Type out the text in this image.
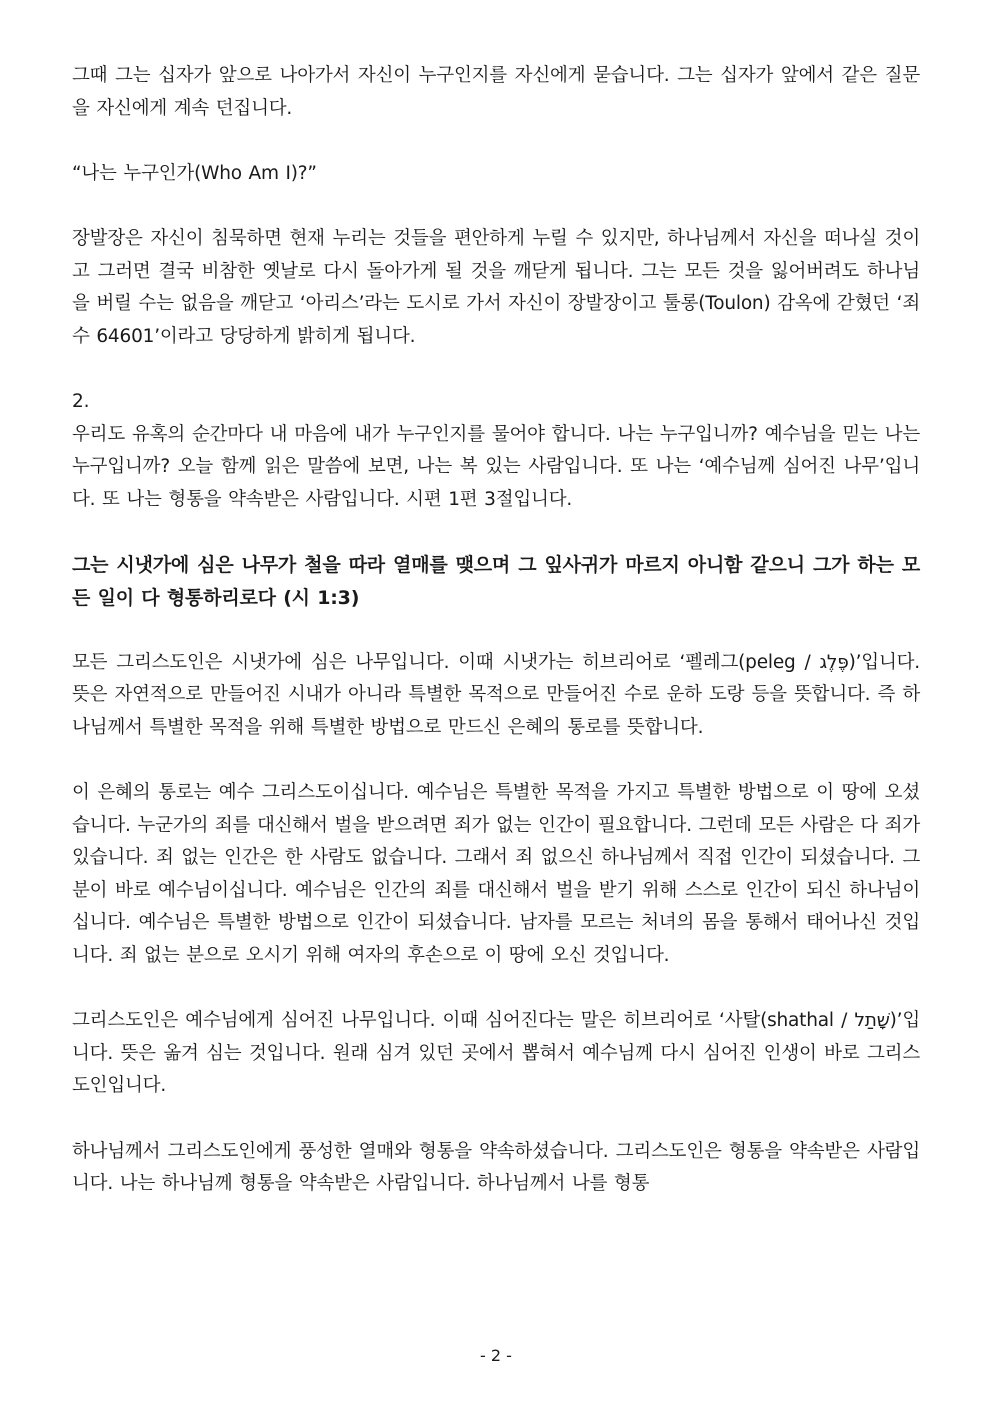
그때 그는 십자가 앞으로 나아가서 자신이 누구인지를 자신에게 묻습니다. 그는 십자가 앞에서 같은 질문을 자신에게 계속 던집니다.

“나는 누구인가(Who Am I)?”

장발장은 자신이 침묵하면 현재 누리는 것들을 편안하게 누릴 수 있지만, 하나님께서 자신을 떠나실 것이고 그러면 결국 비참한 옛날로 다시 돌아가게 될 것을 깨닫게 됩니다. 그는 모든 것을 잃어버려도 하나님을 버릴 수는 없음을 깨닫고 ‘아리스’라는 도시로 가서 자신이 장발장이고 툴롱(Toulon) 감옥에 갇혔던 ‘죄수 64601’이라고 당당하게 밝히게 됩니다.

2.

우리도 유혹의 순간마다 내 마음에 내가 누구인지를 물어야 합니다. 나는 누구입니까? 예수님을 믿는 나는 누구입니까? 오늘 함께 읽은 말씀에 보면, 나는 복 있는 사람입니다. 또 나는 ‘예수님께 심어진 나무’입니다. 또 나는 형통을 약속받은 사람입니다. 시편 1편 3절입니다.

그는 시냇가에 심은 나무가 철을 따라 열매를 맺으며 그 잎사귀가 마르지 아니함 같으니 그가 하는 모든 일이 다 형통하리로다 (시 1:3)

모든 그리스도인은 시냇가에 심은 나무입니다. 이때 시냇가는 히브리어로 ‘펠레그(peleg / פֶּלֶג)’입니다. 뜻은 자연적으로 만들어진 시내가 아니라 특별한 목적으로 만들어진 수로 운하 도랑 등을 뜻합니다. 즉 하나님께서 특별한 목적을 위해 특별한 방법으로 만드신 은혜의 통로를 뜻합니다.

이 은혜의 통로는 예수 그리스도이십니다. 예수님은 특별한 목적을 가지고 특별한 방법으로 이 땅에 오셨습니다. 누군가의 죄를 대신해서 벌을 받으려면 죄가 없는 인간이 필요합니다. 그런데 모든 사람은 다 죄가 있습니다. 죄 없는 인간은 한 사람도 없습니다. 그래서 죄 없으신 하나님께서 직접 인간이 되셨습니다. 그분이 바로 예수님이십니다. 예수님은 인간의 죄를 대신해서 벌을 받기 위해 스스로 인간이 되신 하나님이십니다. 예수님은 특별한 방법으로 인간이 되셨습니다. 남자를 모르는 처녀의 몸을 통해서 태어나신 것입니다. 죄 없는 분으로 오시기 위해 여자의 후손으로 이 땅에 오신 것입니다.

그리스도인은 예수님에게 심어진 나무입니다. 이때 심어진다는 말은 히브리어로 ‘사탈(shathal / שָׁתַל)’입니다. 뜻은 옮겨 심는 것입니다. 원래 심겨 있던 곳에서 뽑혀서 예수님께 다시 심어진 인생이 바로 그리스도인입니다.

하나님께서 그리스도인에게 풍성한 열매와 형통을 약속하셨습니다. 그리스도인은 형통을 약속받은 사람입니다. 나는 하나님께 형통을 약속받은 사람입니다. 하나님께서 나를 형통

- 2 -
